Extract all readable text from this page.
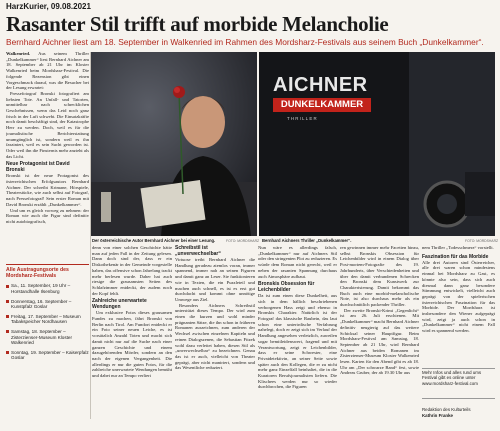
HarzKurier, 09.08.2021
Rasanter Stil trifft auf morbide Melancholie
Bernhard Aichner liest am 18. September in Walkenried im Rahmen des Mordsharz-Festivals aus seinem Buch „Dunkelkammer“.

Walkenried. Aus seinem Thriller „Dunkelkammer“ liest Bernhard Aichner am 18. September ab 21 Uhr im Kloster Walkenried beim Mordsharz-Festival. Die folgende Rezension gibt einen Vorgeschmack darauf, was die Besucher bei der Lesung erwartet:

Pressefotograf Bronski fotografiert am liebsten Tote. An Unfall- und Tatorten, unmittelbar nach schrecklichen Geschehnissen, wenn das Leid noch ganz frisch in der Luft schwebt. Die Einsatzkräfte noch damit beschäftigt sind, der Katastrophe Herr zu werden. Doch, weil es für die journalistische Berichterstattung unumgänglich ist, sondern weil es ihn fasziniert, weil es sein Sucht geworden ist. Oder weil ihn die Finsternis mehr anzieht als das Licht.

Neue Protagonist ist David Bronski

Bronski ist der neue Protagonist des österreichischen Erfolgsautors Bernhard Aichner. Der schreibt Krimane, Hörspiele, Theaterstücke, wie auch selbst auf Fotograf, nach Pressefotograf! Sein erster Roman mit David Bronski erzählt „Dunkelkammer“.

Und um es gleich vorweg zu nehmen: der Roman wie auch die Figur sind definitiv nicht autobiografisch,

AICHNER
DUNKELKAMMER
THRILLER
Der österreichische Autor Bernhard Aichner bei einer Lesung.	FOTO: MORDSHARZ Bernhard Aichners Thriller „Dunkelkammer“.	FOTO: MORDSHARZ

denn von einer solchen Geschichte hätte man auf jeden Fall in der Zeitung gelesen. Dann doch sind der, dass er ein Diskothekenär in der Gemeinde vorgestelle haben, das offensive schon Jahrelang trackt mehr berlesen wurde. Daher hat auch riesige die grausamsten Seiten des Schlafzimmer entdeckt, der zudem noch der Kopf fehlt.

Zahlreiche unerwartete Wendungen

Um exklusive Fotos dieses grausamen Fundes zu machen, fährt Bronski von Berlin nach Tirol. Am Fundort entdeckt er ein Foto seiner neuen Leiche, es ist vorsätzlich Anzahl Toten und macht sich damit nicht nur auf die Suche nach einer ganzen Geschichte und einem dazugehörenden Mörder, sondern an den nach der eigenen Vergangenheit. Die allerdings er nur die guten Fotos, für die zahlreiche unerwartete Wendungen bemüht und dabei nur an Tempo verliert

Schreibstil ist „unverwechselbar“

Virtuose treibt Bernhard Aichner die Handlung geradezu atemlos voran, immer spannend, immer nah an seinen Figuren und damit ganz an Leser. Sie funktionieren wie in Texten, die ein Puzzleteil und machen auch schnell, es ist es erst gut durchdacht und kommt ohne unnötige Umwege aus Ziel.

Besonders Aichners Schreibstil unterstützt dieses Tempo. Der wird zum einen die kurzen und wohl minder prägnanten Sätze, die ihn schon in früheren Romanen auszeichnen, zum anderen der Wechsel zwischen einzelnen Kapiteln und reinen Dialogszenen, die Sebastian Fitzek wohl dazu verleitet haben, diesen Stil als „unverwechselbar“ zu bezeichnen. Genau das ist er auch, vielleicht von Theater geprägt, aber nicht maniriert, sondern und das Wesentliche reduziert.

Nun wäre es allerdings falsch, „Dunkelkammer“ nur auf Aichners Stil oder den stringenten Plot zu reduzieren. Es würde dem Roman nicht gerecht, weil er neben der rasanten Spannung durchaus auch Atmosphäre aufbaut.

Bronskis Obsession für Leichenbilder

Da ist zum einen diese Dunkelheit, aus sich in dem hällich beschriebenen verborgenen Hass zeigt und ebenso in Bronskis Charakter. Natürlich ist der Fotograf das klassische Raubein, das laut schon eine unterirdische Verfahrung nahelegt, doch er zeigt sich im Verlauf der Handlung angesehen verletzlich, zuweilen sogar bemitleidenswert, fragend und mit Verantwortung, zeigt er Leichenbilder, dass er seine Schwester, eine Privatdetektivin, an seiner Seite sowie später auch den Kollegen, die er zu nicht mehr ganz Einzelfall beinhaltet, die in die Kuratoren Berufsjournalisten liefern. Die Klischees werden nur so wieder durchbrochen, die Figuren

ren gewinnen immer mehr Facetten hinzu, selbst Bronskis Obsession für Leichenbilder wird in einem Dialog über Post-mortem-Fotografie des 19. Jahrhunderts, über Verschiedenheiten und über den damit verbundenen Schrecken den Bronski dem Kunstwerk zur Charakterisierung. Damit bekommt das Buch auch eine morbid-melancholische Note, ist also durchaus mehr als ein durchschnittlich packender Thriller.

Der zweite Bronski-Krimi „Gegenlicht“ ist am 26. Juli erschienen. Mit „Dunkelkammer“ macht Bernhard Aichner definitiv neugierig auf das weitere Schicksal seiner Hauptfigur. Beim Mordsharz-Festival am Samstag, 18. September ab 21 Uhr, wird Bernhard Aichner aus beiden Romanen im Zisterzienser-Museum Kloster Walkenried lesen. Karten für den Abend gibt es ab 18. Uhr am „Der schwarze Band“ fest, sowie Andreas Gruber, der ab 19.30 Uhr aus

nem Thriller „Todesschmerz“ vorstellt.

Faszination für das Morbide

Alle drei Autoren sind Österreicher, alle drei waren schon mindestens einmal bei Mordsharz zu Gast, es könnte also sein, dass sich auch diesmal dann ganz besondere Stimmung entwickelt, vielleicht auch geprägt von der spielerischen österreichischen Faszination für das Morbide. Der Mordsharz ist insbesondere den Wiener aufgeprägt wird, zeigt ja auch schon in „Dunkelkammer“ nicht einem Fall wird es spannend werden.

Mehr Infos und alles rund ums Festival gibt es online unter www.mordsharz-festival.com
Redaktion des Kulturteils
Kathrin Franke
Alle Austragungsorte des Mordsharz-Festivals
Sa., 11. September, 19 Uhr – Horstandhalle Ilsenburg
Donnerstag, 16. September – Kunstpfalz Goslar
Freitag, 17. September – Museum Tabakspeicher Nordhausen
Samstag, 18. September – Zisterzienser-Museum Kloster Walkenried
Sonntag, 19. September – Kaiserpfalz Goslar
